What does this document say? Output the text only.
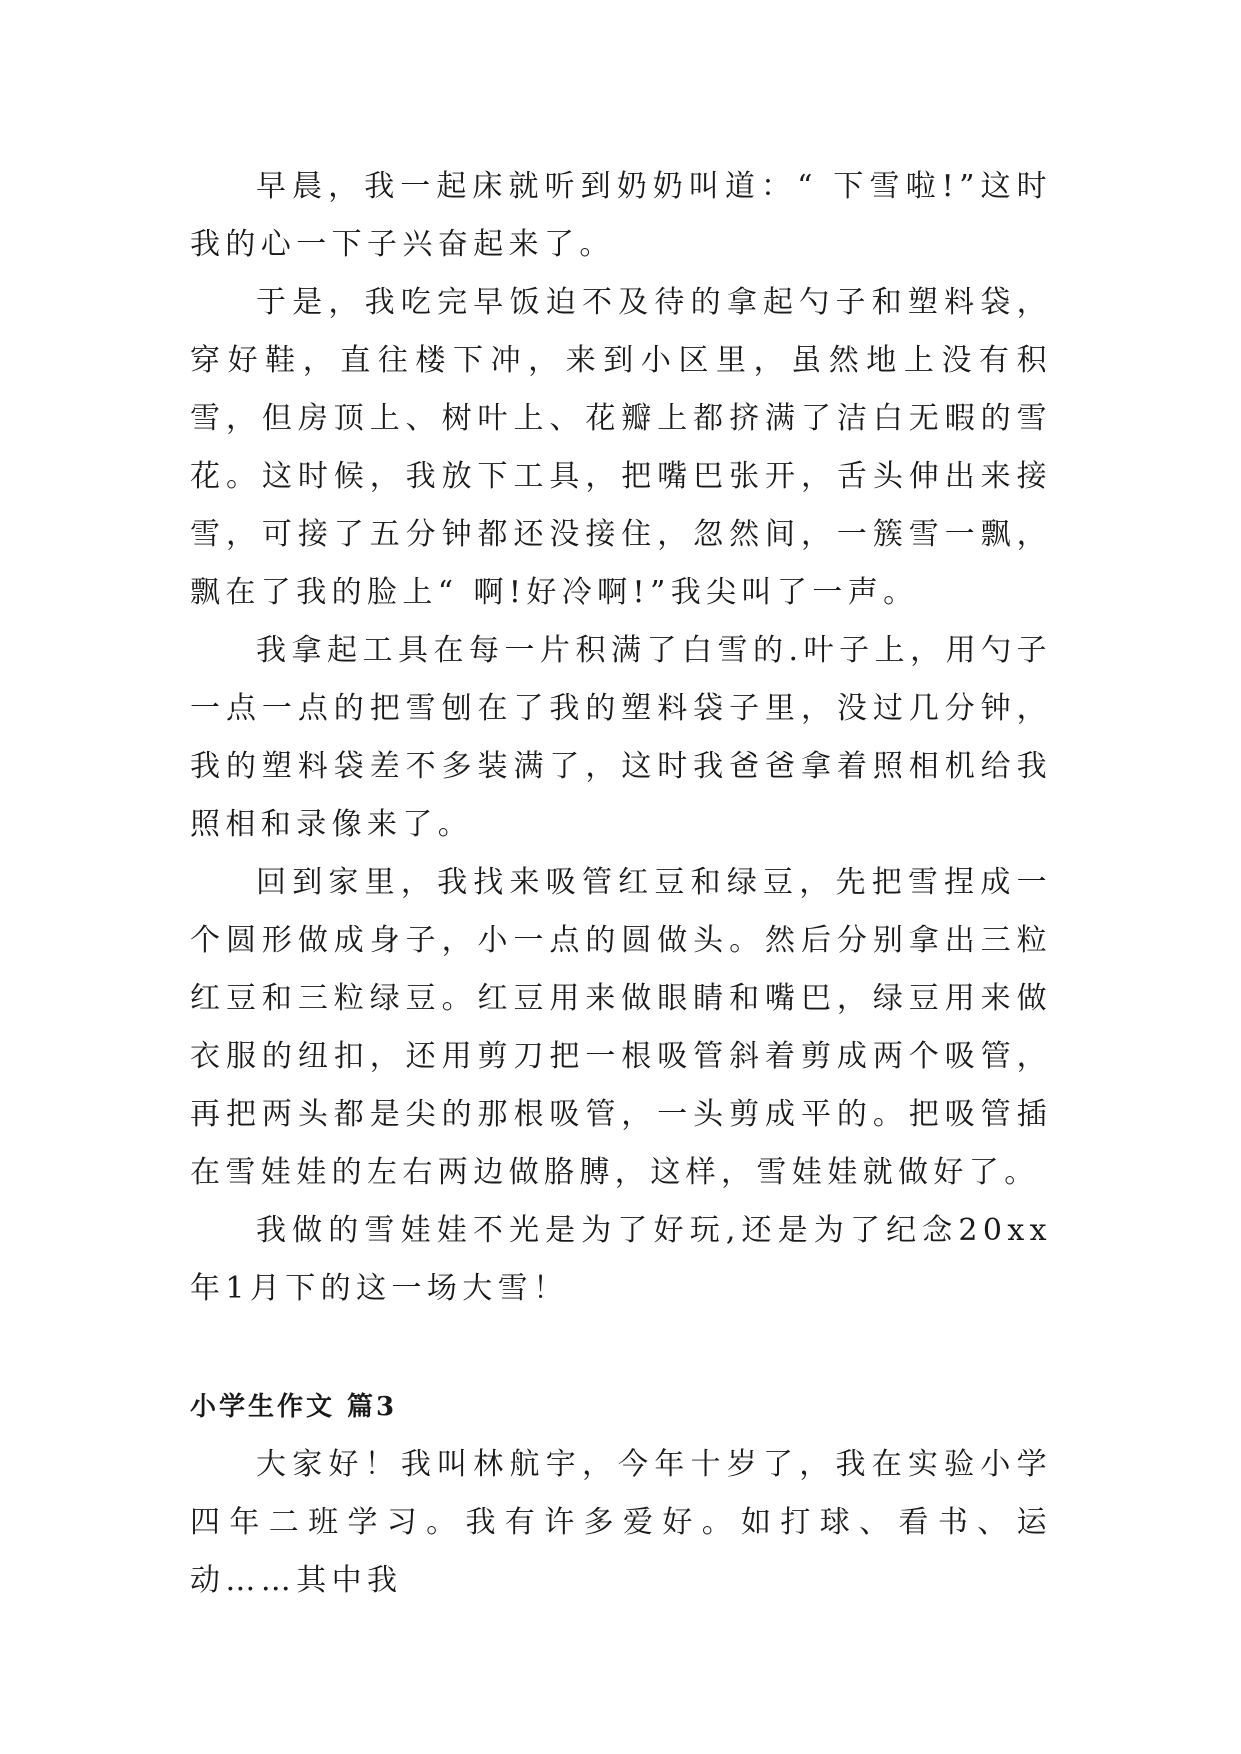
早晨，我一起床就听到奶奶叫道：“ 下雪啦!”这时我的心一下子兴奋起来了。

于是，我吃完早饭迫不及待的拿起勺子和塑料袋，穿好鞋，直往楼下冲，来到小区里，虽然地上没有积雪，但房顶上、树叶上、花瓣上都挤满了洁白无暇的雪花。这时候，我放下工具，把嘴巴张开，舌头伸出来接雪，可接了五分钟都还没接住，忽然间，一簇雪一飘，飘在了我的脸上“ 啊!好冷啊!”我尖叫了一声。

我拿起工具在每一片积满了白雪的.叶子上，用勺子一点一点的把雪刨在了我的塑料袋子里，没过几分钟，我的塑料袋差不多装满了，这时我爸爸拿着照相机给我照相和录像来了。

回到家里，我找来吸管红豆和绿豆，先把雪捏成一个圆形做成身子，小一点的圆做头。然后分别拿出三粒红豆和三粒绿豆。红豆用来做眼睛和嘴巴，绿豆用来做衣服的纽扣，还用剪刀把一根吸管斜着剪成两个吸管，再把两头都是尖的那根吸管，一头剪成平的。把吸管插在雪娃娃的左右两边做胳膊，这样，雪娃娃就做好了。

我做的雪娃娃不光是为了好玩,还是为了纪念20xx年1月下的这一场大雪！

小学生作文 篇3

大家好！我叫林航宇，今年十岁了，我在实验小学四年二班学习。我有许多爱好。如打球、看书、运动……其中我
